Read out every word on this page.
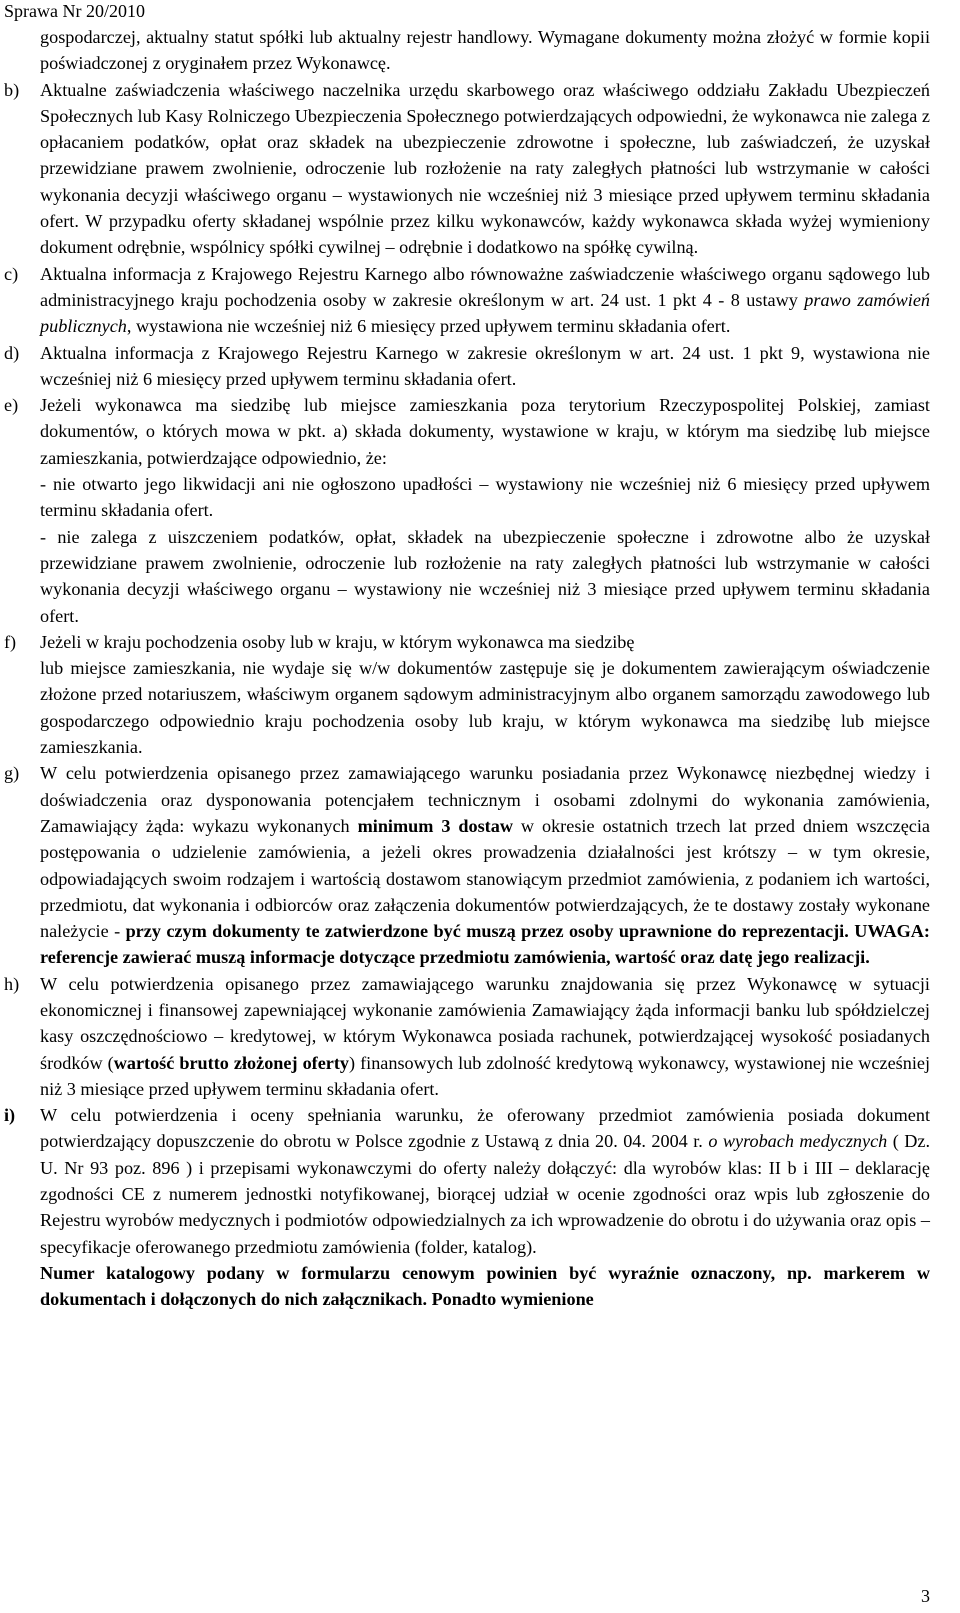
Sprawa Nr 20/2010
gospodarczej, aktualny statut spółki lub aktualny rejestr handlowy. Wymagane dokumenty można złożyć w formie kopii poświadczonej z oryginałem przez Wykonawcę.
b) Aktualne zaświadczenia właściwego naczelnika urzędu skarbowego oraz właściwego oddziału Zakładu Ubezpieczeń Społecznych lub Kasy Rolniczego Ubezpieczenia Społecznego potwierdzających odpowiedni, że wykonawca nie zalega z opłacaniem podatków, opłat oraz składek na ubezpieczenie zdrowotne i społeczne, lub zaświadczeń, że uzyskał przewidziane prawem zwolnienie, odroczenie lub rozłożenie na raty zaległych płatności lub wstrzymanie w całości wykonania decyzji właściwego organu – wystawionych nie wcześniej niż 3 miesiące przed upływem terminu składania ofert. W przypadku oferty składanej wspólnie przez kilku wykonawców, każdy wykonawca składa wyżej wymieniony dokument odrębnie, wspólnicy spółki cywilnej – odrębnie i dodatkowo na spółkę cywilną.
c) Aktualna informacja z Krajowego Rejestru Karnego albo równoważne zaświadczenie właściwego organu sądowego lub administracyjnego kraju pochodzenia osoby w zakresie określonym w art. 24 ust. 1 pkt 4 - 8 ustawy prawo zamówień publicznych, wystawiona nie wcześniej niż 6 miesięcy przed upływem terminu składania ofert.
d) Aktualna informacja z Krajowego Rejestru Karnego w zakresie określonym w art. 24 ust. 1 pkt 9, wystawiona nie wcześniej niż 6 miesięcy przed upływem terminu składania ofert.
e) Jeżeli wykonawca ma siedzibę lub miejsce zamieszkania poza terytorium Rzeczypospolitej Polskiej, zamiast dokumentów, o których mowa w pkt. a) składa dokumenty, wystawione w kraju, w którym ma siedzibę lub miejsce zamieszkania, potwierdzające odpowiednio, że:
- nie otwarto jego likwidacji ani nie ogłoszono upadłości – wystawiony nie wcześniej niż 6 miesięcy przed upływem terminu składania ofert.
- nie zalega z uiszczeniem podatków, opłat, składek na ubezpieczenie społeczne i zdrowotne albo że uzyskał przewidziane prawem zwolnienie, odroczenie lub rozłożenie na raty zaległych płatności lub wstrzymanie w całości wykonania decyzji właściwego organu – wystawiony nie wcześniej niż 3 miesiące przed upływem terminu składania ofert.
f) Jeżeli w kraju pochodzenia osoby lub w kraju, w którym wykonawca ma siedzibę
lub miejsce zamieszkania, nie wydaje się w/w dokumentów zastępuje się je dokumentem zawierającym oświadczenie złożone przed notariuszem, właściwym organem sądowym administracyjnym albo organem samorządu zawodowego lub gospodarczego odpowiednio kraju pochodzenia osoby lub kraju, w którym wykonawca ma siedzibę lub miejsce zamieszkania.
g) W celu potwierdzenia opisanego przez zamawiającego warunku posiadania przez Wykonawcę niezbędnej wiedzy i doświadczenia oraz dysponowania potencjałem technicznym i osobami zdolnymi do wykonania zamówienia, Zamawiający żąda: wykazu wykonanych minimum 3 dostaw w okresie ostatnich trzech lat przed dniem wszczęcia postępowania o udzielenie zamówienia, a jeżeli okres prowadzenia działalności jest krótszy – w tym okresie, odpowiadających swoim rodzajem i wartością dostawom stanowiącym przedmiot zamówienia, z podaniem ich wartości, przedmiotu, dat wykonania i odbiorców oraz załączenia dokumentów potwierdzających, że te dostawy zostały wykonane należycie - przy czym dokumenty te zatwierdzone być muszą przez osoby uprawnione do reprezentacji. UWAGA: referencje zawierać muszą informacje dotyczące przedmiotu zamówienia, wartość oraz datę jego realizacji.
h) W celu potwierdzenia opisanego przez zamawiającego warunku znajdowania się przez Wykonawcę w sytuacji ekonomicznej i finansowej zapewniającej wykonanie zamówienia Zamawiający żąda informacji banku lub spółdzielczej kasy oszczędnościowo – kredytowej, w którym Wykonawca posiada rachunek, potwierdzającej wysokość posiadanych środków (wartość brutto złożonej oferty) finansowych lub zdolność kredytową wykonawcy, wystawionej nie wcześniej niż 3 miesiące przed upływem terminu składania ofert.
i) W celu potwierdzenia i oceny spełniania warunku, że oferowany przedmiot zamówienia posiada dokument potwierdzający dopuszczenie do obrotu w Polsce zgodnie z Ustawą z dnia 20. 04. 2004 r. o wyrobach medycznych ( Dz. U. Nr 93 poz. 896 ) i przepisami wykonawczymi do oferty należy dołączyć: dla wyrobów klas: II b i III – deklarację zgodności CE z numerem jednostki notyfikowanej, biorącej udział w ocenie zgodności oraz wpis lub zgłoszenie do Rejestru wyrobów medycznych i podmiotów odpowiedzialnych za ich wprowadzenie do obrotu i do używania oraz opis – specyfikacje oferowanego przedmiotu zamówienia (folder, katalog).
Numer katalogowy podany w formularzu cenowym powinien być wyraźnie oznaczony, np. markerem w dokumentach i dołączonych do nich załącznikach. Ponadto wymienione
3
